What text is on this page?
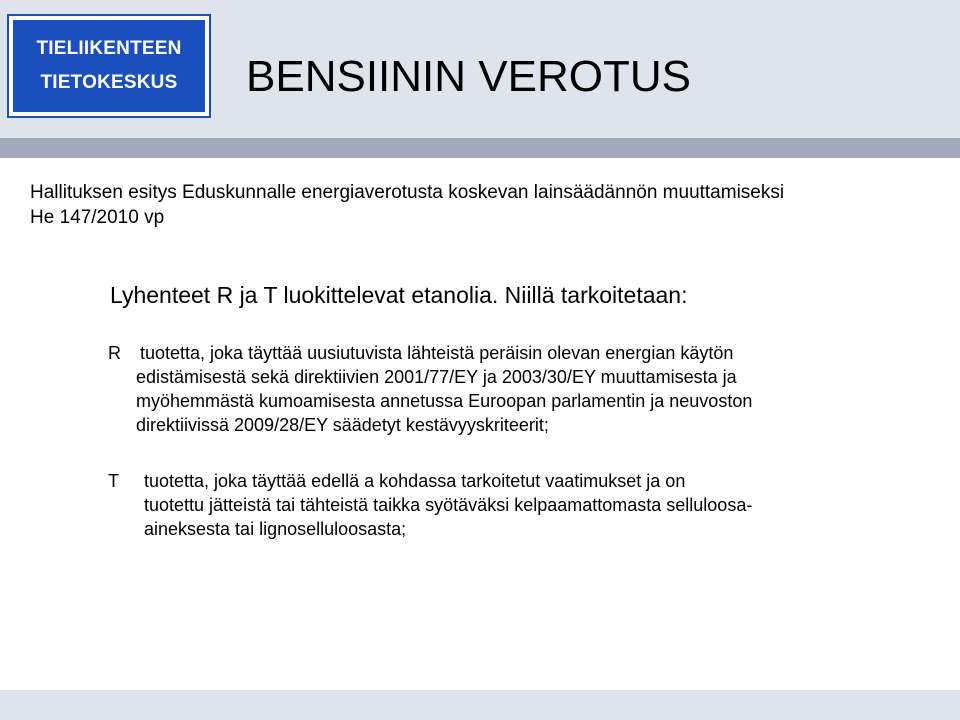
TIELIIKENTEEN
TIETOKESKUS BENSIININ VEROTUS
Hallituksen esitys Eduskunnalle energiaverotusta koskevan lainsäädännön muuttamiseksi
He 147/2010 vp
Lyhenteet R ja T luokittelevat etanolia. Niillä tarkoitetaan:
R tuotetta, joka täyttää uusiutuvista lähteistä peräisin olevan energian käytön
edistämisestä sekä direktiivien 2001/77/EY ja 2003/30/EY muuttamisesta ja
myöhemmästä kumoamisesta annetussa Euroopan parlamentin ja neuvoston
direktiivissä 2009/28/EY säädetyt kestävyyskriteerit;
T tuotetta, joka täyttää edellä a kohdassa tarkoitetut vaatimukset ja on
tuotettu jätteistä tai tähteistä taikka syötäväksi kelpaamattomasta selluloosa-
aineksesta tai lignoselluloosasta;
